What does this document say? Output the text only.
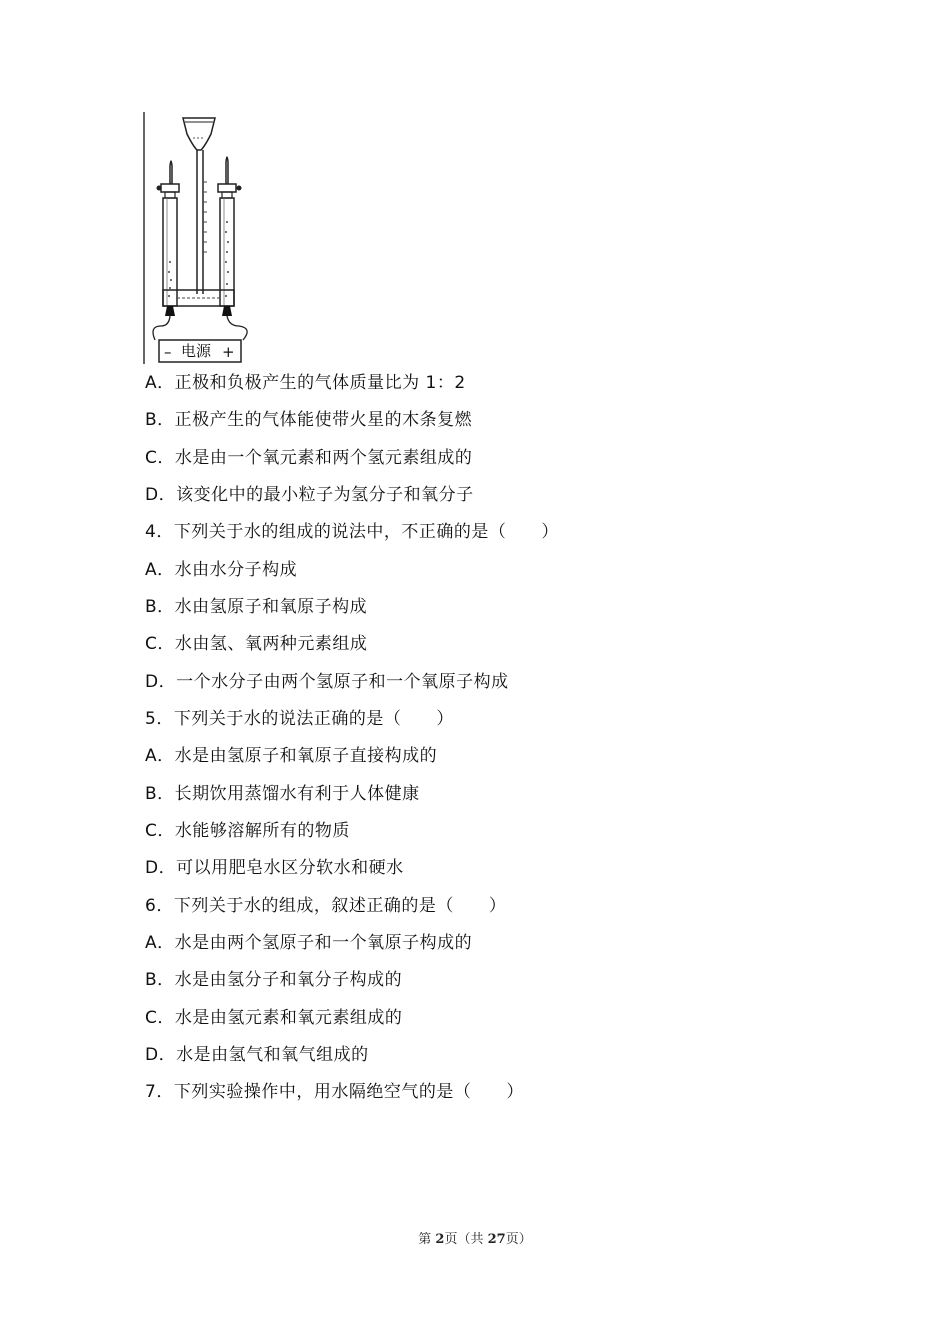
– 电源 +
A．正极和负极产生的气体质量比为 1：2
B．正极产生的气体能使带火星的木条复燃
C．水是由一个氧元素和两个氢元素组成的
D．该变化中的最小粒子为氢分子和氧分子
4．下列关于水的组成的说法中，不正确的是（　　）
A．水由水分子构成
B．水由氢原子和氧原子构成
C．水由氢、氧两种元素组成
D．一个水分子由两个氢原子和一个氧原子构成
5．下列关于水的说法正确的是（　　）
A．水是由氢原子和氧原子直接构成的
B．长期饮用蒸馏水有利于人体健康
C．水能够溶解所有的物质
D．可以用肥皂水区分软水和硬水
6．下列关于水的组成，叙述正确的是（　　）
A．水是由两个氢原子和一个氧原子构成的
B．水是由氢分子和氧分子构成的
C．水是由氢元素和氧元素组成的
D．水是由氢气和氧气组成的
7．下列实验操作中，用水隔绝空气的是（　　）
第 2页（共 27页）
